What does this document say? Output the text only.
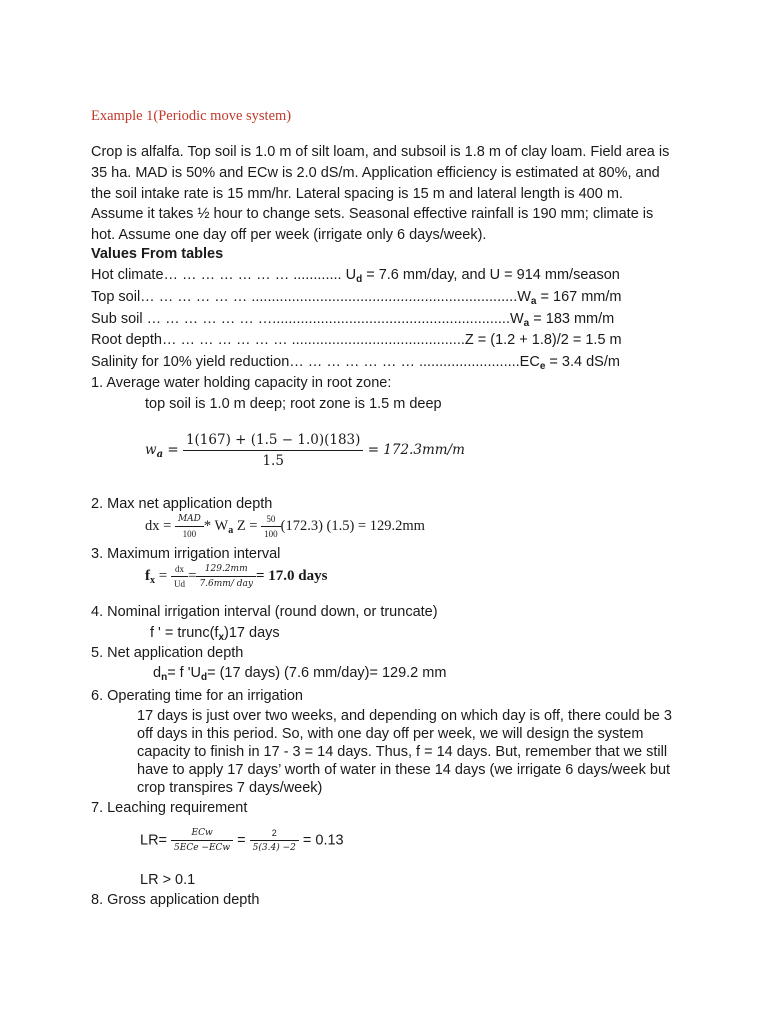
Example 1(Periodic move system)
Crop is alfalfa. Top soil is 1.0 m of silt loam, and subsoil is 1.8 m of clay loam. Field area is 35 ha. MAD is 50% and ECw is 2.0 dS/m. Application efficiency is estimated at 80%, and the soil intake rate is 15 mm/hr. Lateral spacing is 15 m and lateral length is 400 m. Assume it takes ½ hour to change sets. Seasonal effective rainfall is 190 mm; climate is hot. Assume one day off per week (irrigate only 6 days/week).
Values From tables
Hot climate… … … … … … … ............ $U_d = 7.6$ mm/day, and U = 914 mm/season
Top soil… … … … … … $..................................................................W_a = 167$ mm/m
Sub soil … … … … … … $\dots...........................................................W_a = 183$ mm/m
Root depth… … … … … … … ...........................................Z = (1.2 + 1.8)/2 = 1.5 m
Salinity for 10% yield reduction… … … … … … … $.........................EC_e = 3.4$ dS/m
1. Average water holding capacity in root zone:
top soil is 1.0 m deep; root zone is 1.5 m deep
$w_a = \frac{1(167) + (1.5 - 1.0)(183)}{1.5} = 172.3mm/m$
2. Max net application depth
dx = $\frac{\text{MAD}}{100} * W_a$ $Z = \frac{50}{100} (172.3) (1.5) = 129.2mm$
3. Maximum irrigation interval
$f_x = \frac{dx}{Ud} = \frac{129.2mm}{\text{7.6mm/ day}} = 17.0$ days
4. Nominal irrigation interval (round down, or truncate)
f ' = $trunc(f_x)17$ days
5. Net application depth
$d_n= f$ '$U_d= (17$ days) (7.6 mm/day)= 129.2 mm
6. Operating time for an irrigation
17 days is just over two weeks, and depending on which day is off, there could be 3 off days in this period. So, with one day off per week, we will design the system capacity to finish in 17 - 3 = 14 days. Thus, f = 14 days. But, remember that we still have to apply 17 days’ worth of water in these 14 days (we irrigate 6 days/week but crop transpires 7 days/week)
7. Leaching requirement
$LR= \frac{\text{ECw}}{\text{5ECe −ECw}} = \frac{2}{5(3.4) -2} = 0.13$
LR > 0.1
8. Gross application depth
